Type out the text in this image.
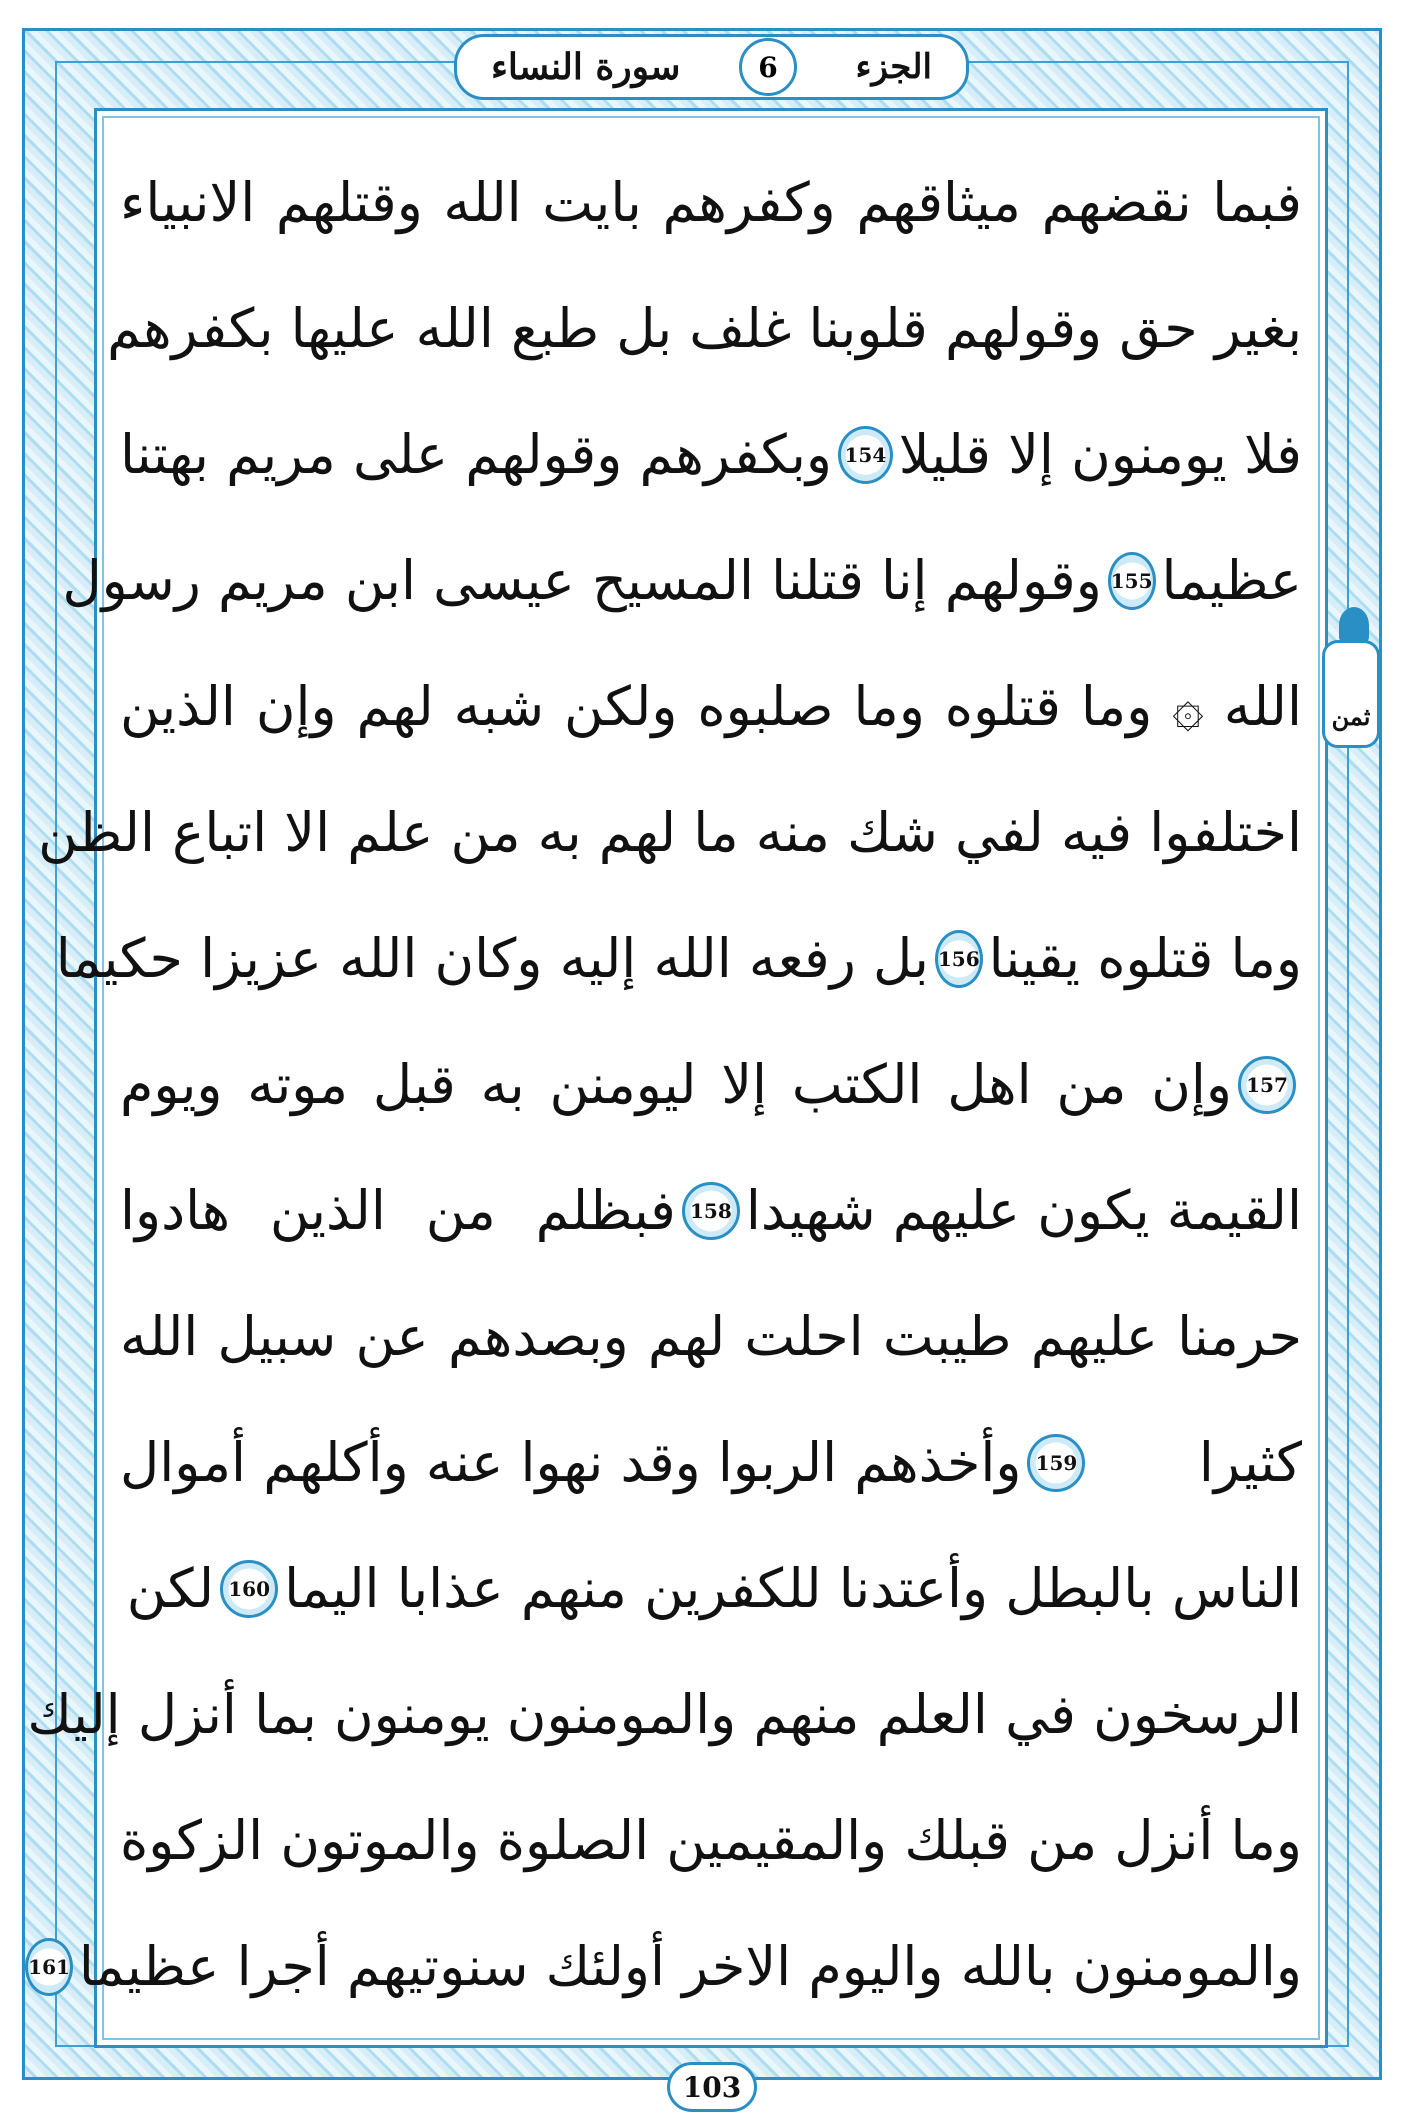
سورة النساء	6	الجزء
ثمن
فبما نقضهم ميثاقهم وكفرهم بايت الله وقتلهم الانبياء
بغير حق وقولهم قلوبنا غلف بل طبع الله عليها بكفرهم
فلا يومنون إلا قليلا
154
وبكفرهم وقولهم على مريم بهتنا
عظيما
155
وقولهم إنا قتلنا المسيح عيسى ابن مريم رسول
الله ۞ وما قتلوه وما صلبوه ولكن شبه لهم وإن الذين
اختلفوا فيه لفي شك منه ما لهم به من علم الا اتباع الظن
وما قتلوه يقينا
156
بل رفعه الله إليه وكان الله عزيزا حكيما
157
وإن من اهل الكتب إلا ليومنن به قبل موته ويوم
القيمة يكون عليهم شهيدا
158
فبظلم من الذين هادوا
حرمنا عليهم طيبت احلت لهم وبصدهم عن سبيل الله
كثيرا
159
وأخذهم الربوا وقد نهوا عنه وأكلهم أموال
الناس بالبطل وأعتدنا للكفرين منهم عذابا اليما
160
لكن
الرسخون في العلم منهم والمومنون يومنون بما أنزل إليك
وما أنزل من قبلك والمقيمين الصلوة والموتون الزكوة
والمومنون بالله واليوم الاخر أولئك سنوتيهم أجرا عظيما
161
103
